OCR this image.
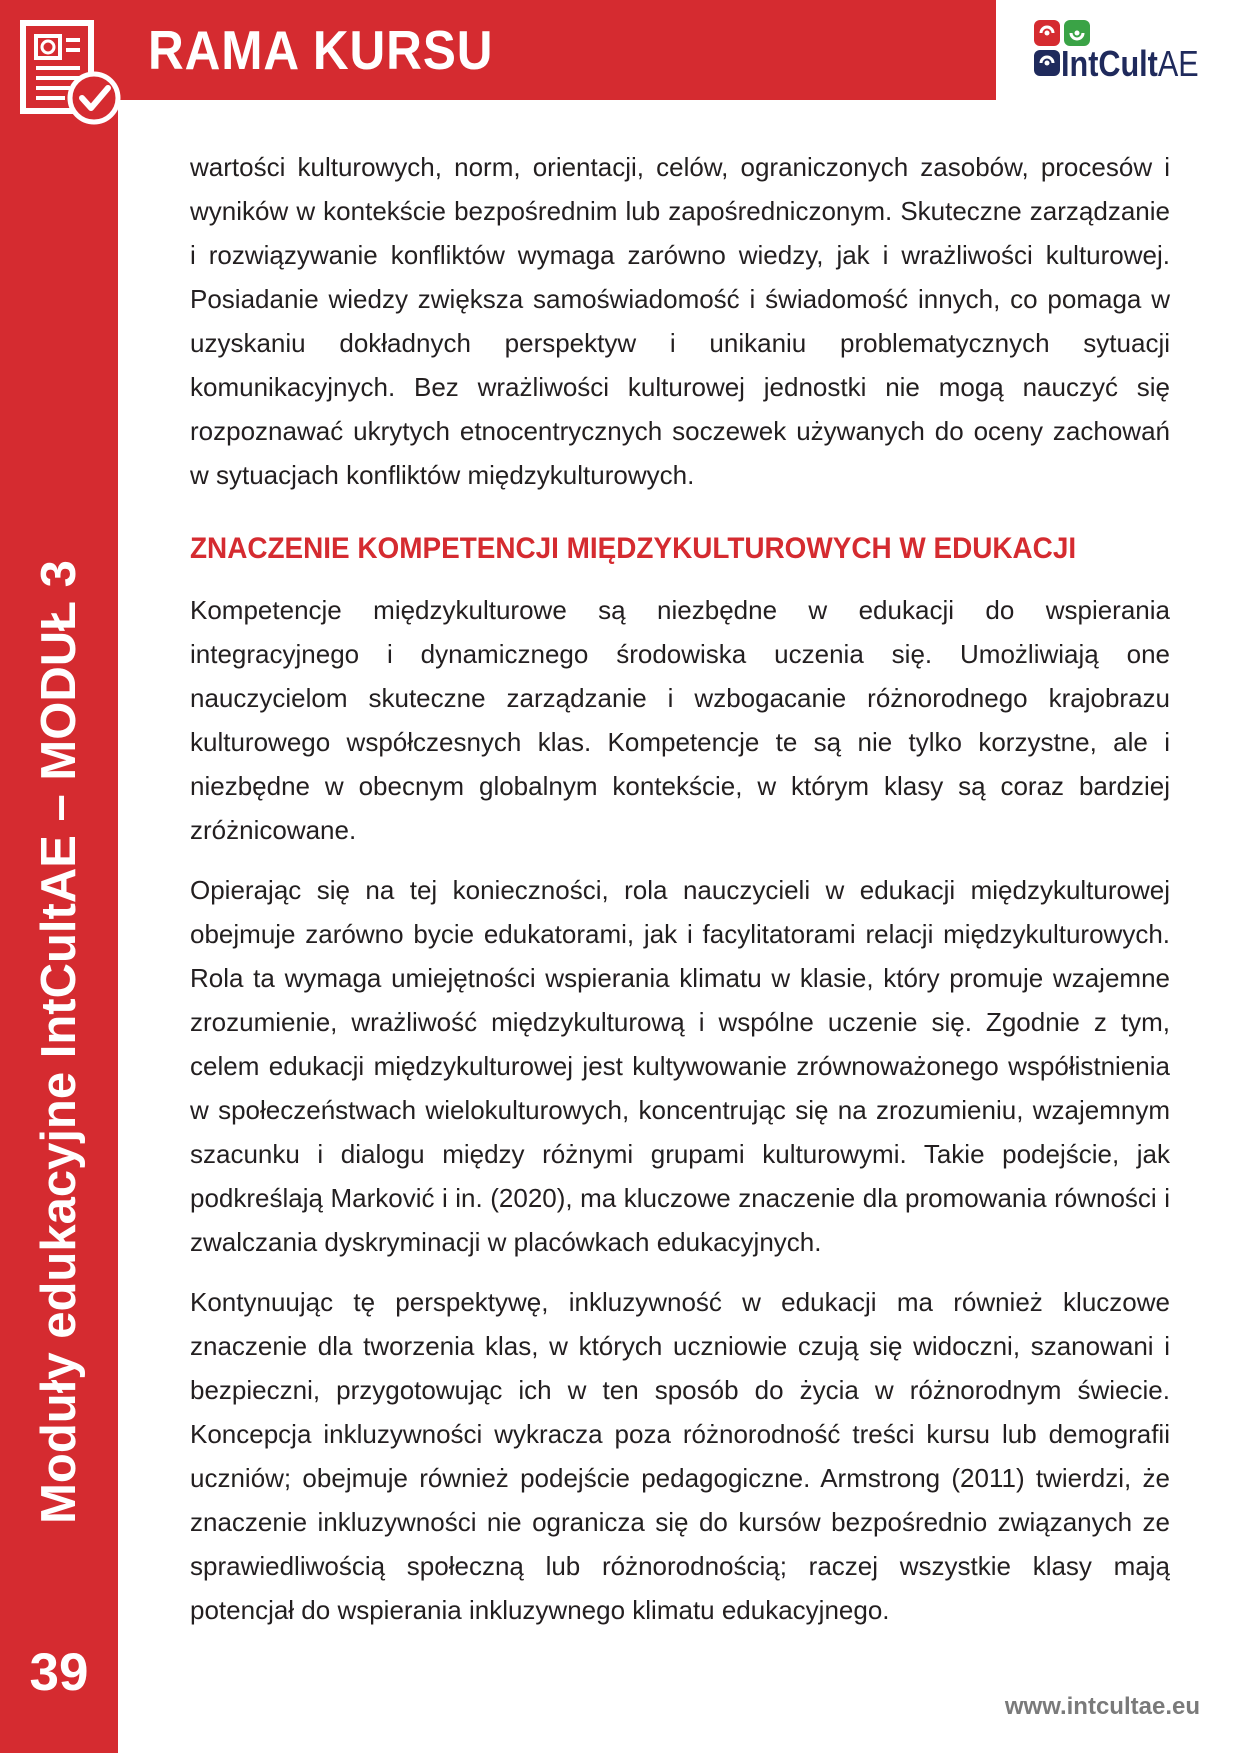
RAMA KURSU	IntCultAE
Moduły edukacyjne IntCultAE – MODUŁ 3
39

wartości kulturowych, norm, orientacji, celów, ograniczonych zasobów, procesów i wyników w kontekście bezpośrednim lub zapośredniczonym. Skuteczne zarządzanie i rozwiązywanie konfliktów wymaga zarówno wiedzy, jak i wrażliwości kulturowej. Posiadanie wiedzy zwiększa samoświadomość i świadomość innych, co pomaga w uzyskaniu dokładnych perspektyw i unikaniu problematycznych sytuacji komunikacyjnych. Bez wrażliwości kulturowej jednostki nie mogą nauczyć się rozpoznawać ukrytych etnocentrycznych soczewek używanych do oceny zachowań w sytuacjach konfliktów międzykulturowych.

ZNACZENIE KOMPETENCJI MIĘDZYKULTUROWYCH W EDUKACJI

Kompetencje międzykulturowe są niezbędne w edukacji do wspierania integracyjnego i dynamicznego środowiska uczenia się. Umożliwiają one nauczycielom skuteczne zarządzanie i wzbogacanie różnorodnego krajobrazu kulturowego współczesnych klas. Kompetencje te są nie tylko korzystne, ale i niezbędne w obecnym globalnym kontekście, w którym klasy są coraz bardziej zróżnicowane.

Opierając się na tej konieczności, rola nauczycieli w edukacji międzykulturowej obejmuje zarówno bycie edukatorami, jak i facylitatorami relacji międzykulturowych. Rola ta wymaga umiejętności wspierania klimatu w klasie, który promuje wzajemne zrozumienie, wrażliwość międzykulturową i wspólne uczenie się. Zgodnie z tym, celem edukacji międzykulturowej jest kultywowanie zrównoważonego współistnienia w społeczeństwach wielokulturowych, koncentrując się na zrozumieniu, wzajemnym szacunku i dialogu między różnymi grupami kulturowymi. Takie podejście, jak podkreślają Marković i in. (2020), ma kluczowe znaczenie dla promowania równości i zwalczania dyskryminacji w placówkach edukacyjnych.

Kontynuując tę perspektywę, inkluzywność w edukacji ma również kluczowe znaczenie dla tworzenia klas, w których uczniowie czują się widoczni, szanowani i bezpieczni, przygotowując ich w ten sposób do życia w różnorodnym świecie. Koncepcja inkluzywności wykracza poza różnorodność treści kursu lub demografii uczniów; obejmuje również podejście pedagogiczne. Armstrong (2011) twierdzi, że znaczenie inkluzywności nie ogranicza się do kursów bezpośrednio związanych ze sprawiedliwością społeczną lub różnorodnością; raczej wszystkie klasy mają potencjał do wspierania inkluzywnego klimatu edukacyjnego.

www.intcultae.eu
